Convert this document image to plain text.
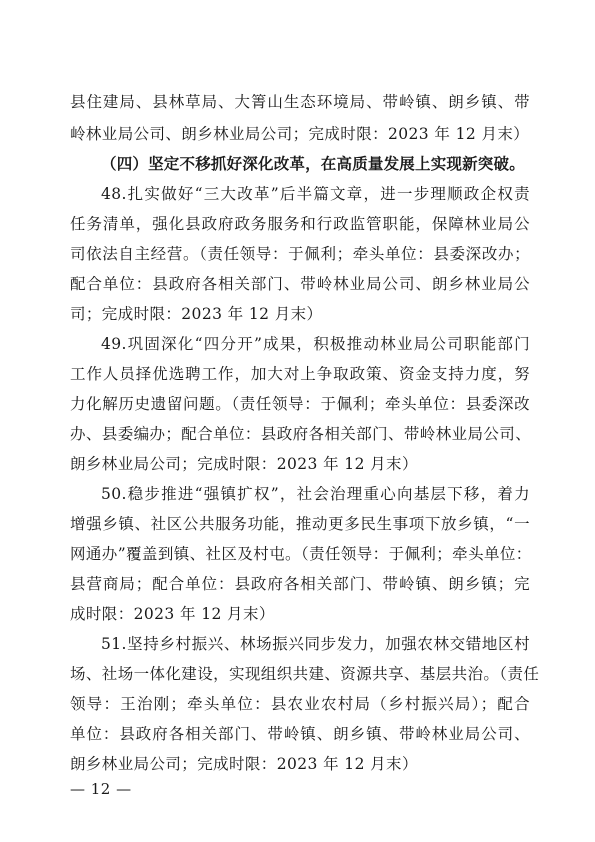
县住建局、县林草局、大箐山生态环境局、带岭镇、朗乡镇、带
岭林业局公司、朗乡林业局公司；完成时限：2023 年 12 月末）
（四）坚定不移抓好深化改革，在高质量发展上实现新突破。
48.扎实做好“三大改革”后半篇文章，进一步理顺政企权责
任务清单，强化县政府政务服务和行政监管职能，保障林业局公
司依法自主经营。（责任领导：于佩利；牵头单位：县委深改办；
配合单位：县政府各相关部门、带岭林业局公司、朗乡林业局公
司；完成时限：2023 年 12 月末）
49.巩固深化“四分开”成果，积极推动林业局公司职能部门
工作人员择优选聘工作，加大对上争取政策、资金支持力度，努
力化解历史遗留问题。（责任领导：于佩利；牵头单位：县委深改
办、县委编办；配合单位：县政府各相关部门、带岭林业局公司、
朗乡林业局公司；完成时限：2023 年 12 月末）
50.稳步推进“强镇扩权”，社会治理重心向基层下移，着力
增强乡镇、社区公共服务功能，推动更多民生事项下放乡镇，“一
网通办”覆盖到镇、社区及村屯。（责任领导：于佩利；牵头单位：
县营商局；配合单位：县政府各相关部门、带岭镇、朗乡镇；完
成时限：2023 年 12 月末）
51.坚持乡村振兴、林场振兴同步发力，加强农林交错地区村
场、社场一体化建设，实现组织共建、资源共享、基层共治。（责任
领导：王治刚；牵头单位：县农业农村局（乡村振兴局）；配合
单位：县政府各相关部门、带岭镇、朗乡镇、带岭林业局公司、
朗乡林业局公司；完成时限：2023 年 12 月末）
— 12 —
